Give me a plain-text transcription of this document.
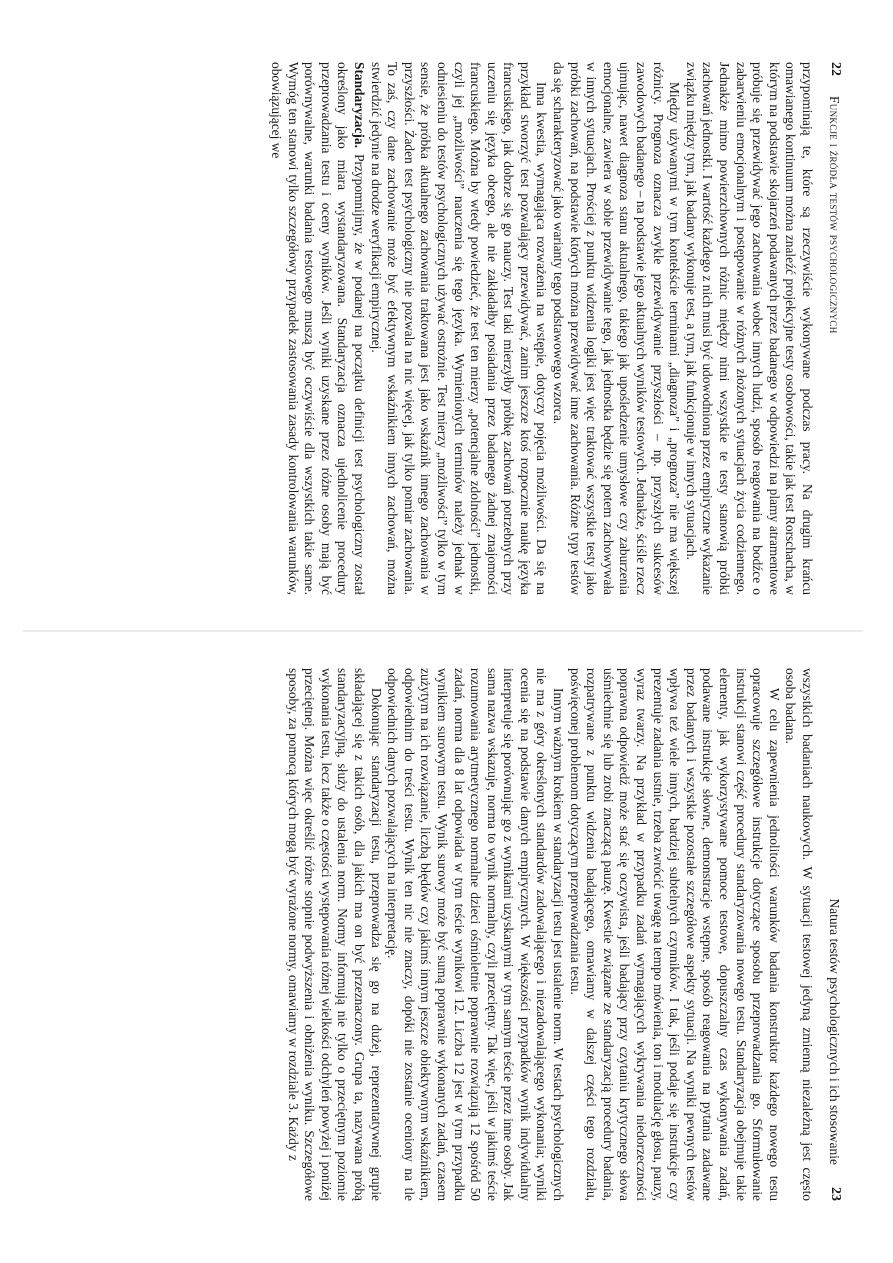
22
Funkcje i źródła testów psychologicznych

przypominają te, które są rzeczywiście wykonywane podczas pracy. Na drugim krańcu omawianego kontinuum można znaleźć projekcyjne testy osobowości, takie jak test Rorschacha, w którym na podstawie skojarzeń podawanych przez badanego w odpowiedzi na plamy atramentowe próbuje się przewidywać jego zachowania wobec innych ludzi, sposób reagowania na bodźce o zabarwieniu emocjonalnym i postępowanie w różnych złożonych sytuacjach życia codziennego. Jednakże mimo powierzchownych różnic między nimi wszystkie te testy stanowią próbki zachowań jednostki. I wartość każdego z nich musi być udowodniona przez empiryczne wykazanie związku między tym, jak badany wykonuje test, a tym, jak funkcjonuje w innych sytuacjach.

Między używanymi w tym kontekście terminami „diagnoza” i „prognoza” nie ma większej różnicy. Prognoza oznacza zwykle przewidywanie przyszłości – np. przyszłych sukcesów zawodowych badanego – na podstawie jego aktualnych wyników testowych. Jednakże, ściśle rzecz ujmując, nawet diagnoza stanu aktualnego, takiego jak upośledzenie umysłowe czy zaburzenia emocjonalne, zawiera w sobie przewidywanie tego, jak jednostka będzie się potem zachowywała w innych sytuacjach. Prościej z punktu widzenia logiki jest więc traktować wszystkie testy jako próbki zachowań, na podstawie których można przewidywać inne zachowania. Różne typy testów da się scharakteryzować jako warianty tego podstawowego wzorca.

Inna kwestia, wymagająca rozważenia na wstępie, dotyczy pojęcia możliwości. Da się na przykład stworzyć test pozwalający przewidywać, zanim jeszcze ktoś rozpocznie naukę języka francuskiego, jak dobrze się go nauczy. Test taki mierzyłby próbkę zachowań potrzebnych przy uczeniu się języka obcego, ale nie zakładałby posiadania przez badanego żadnej znajomości francuskiego. Można by wtedy powiedzieć, że test ten mierzy „potencjalne zdolności” jednostki, czyli jej „możliwości” nauczenia się tego języka. Wymienionych terminów należy jednak w odniesieniu do testów psychologicznych używać ostrożnie. Test mierzy „możliwości” tylko w tym sensie, że próbka aktualnego zachowania traktowana jest jako wskaźnik innego zachowania w przyszłości. Żaden test psychologiczny nie pozwala na nic więcej, jak tylko pomiar zachowania. To zaś, czy dane zachowanie może być efektywnym wskaźnikiem innych zachowań, można stwierdzić jedynie na drodze weryfikacji empirycznej.

Standaryzacja. Przypomnijmy, że w podanej na początku definicji test psychologiczny został określony jako miara wystandaryzowana. Standaryzacja oznacza ujednolicenie procedury przeprowadzania testu i oceny wyników. Jeśli wyniki uzyskane przez różne osoby mają być porównywalne, warunki badania testowego muszą być oczywiście dla wszystkich takie same. Wymóg ten stanowi tylko szczegółowy przypadek zastosowania zasady kontrolowania warunków, obowiązującej we

Natura testów psychologicznych i ich stosowanie
23

wszystkich badaniach naukowych. W sytuacji testowej jedyną zmienną niezależną jest często osoba badana.

W celu zapewnienia jednolitości warunków badania konstruktor każdego nowego testu opracowuje szczegółowe instrukcje dotyczące sposobu przeprowadzania go. Sformułowanie instrukcji stanowi część procedury standaryzowania nowego testu. Standaryzacja obejmuje takie elementy, jak wykorzystywane pomoce testowe, dopuszczalny czas wykonywania zadań, podawane instrukcje słowne, demonstracje wstępne, sposób reagowania na pytania zadawane przez badanych i wszystkie pozostałe szczegółowe aspekty sytuacji. Na wyniki pewnych testów wpływa też wiele innych, bardziej subtelnych czynników. I tak, jeśli podaje się instrukcje czy prezentuje zadania ustnie, trzeba zwrócić uwagę na tempo mówienia, ton i modulację głosu, pauzy, wyraz twarzy. Na przykład w przypadku zadań wymagających wykrywania niedorzeczności poprawna odpowiedź może stać się oczywista, jeśli badający przy czytaniu krytycznego słowa uśmiechnie się lub zrobi znaczącą pauzę. Kwestie związane ze standaryzacją procedury badania, rozpatrywane z punktu widzenia badającego, omawiamy w dalszej części tego rozdziału, poświęconej problemom dotyczącym przeprowadzania testu.

Innym ważnym krokiem w standaryzacji testu jest ustalenie norm. W testach psychologicznych nie ma z góry określonych standardów zadowalającego i niezadowalającego wykonania; wyniki ocenia się na podstawie danych empirycznych. W większości przypadków wynik indywidualny interpretuje się porównując go z wynikami uzyskanymi w tym samym teście przez inne osoby. Jak sama nazwa wskazuje, norma to wynik normalny, czyli przeciętny. Tak więc, jeśli w jakimś teście rozumowania arytmetycznego normalne dzieci ośmioletnie poprawnie rozwiązują 12 spośród 50 zadań, norma dla 8 lat odpowiada w tym teście wynikowi 12. Liczba 12 jest w tym przypadku wynikiem surowym testu. Wynik surowy może być sumą poprawnie wykonanych zadań, czasem zużytym na ich rozwiązanie, liczbą błędów czy jakimś innym jeszcze obiektywnym wskaźnikiem, odpowiednim do treści testu. Wynik ten nic nie znaczy, dopóki nie zostanie oceniony na tle odpowiednich danych pozwalających na interpretację.

Dokonując standaryzacji testu, przeprowadza się go na dużej, reprezentatywnej grupie składającej się z takich osób, dla jakich ma on być przeznaczony. Grupa ta, nazywana próbą standaryzacyjną, służy do ustalenia norm. Normy informują nie tylko o przeciętnym poziomie wykonania testu, lecz także o częstości występowania różnej wielkości odchyleń powyżej i poniżej przeciętnej. Można więc określić różne stopnie podwyższenia i obniżenia wyniku. Szczegółowe sposoby, za pomocą których mogą być wyrażone normy, omawiamy w rozdziale 3. Każdy z
